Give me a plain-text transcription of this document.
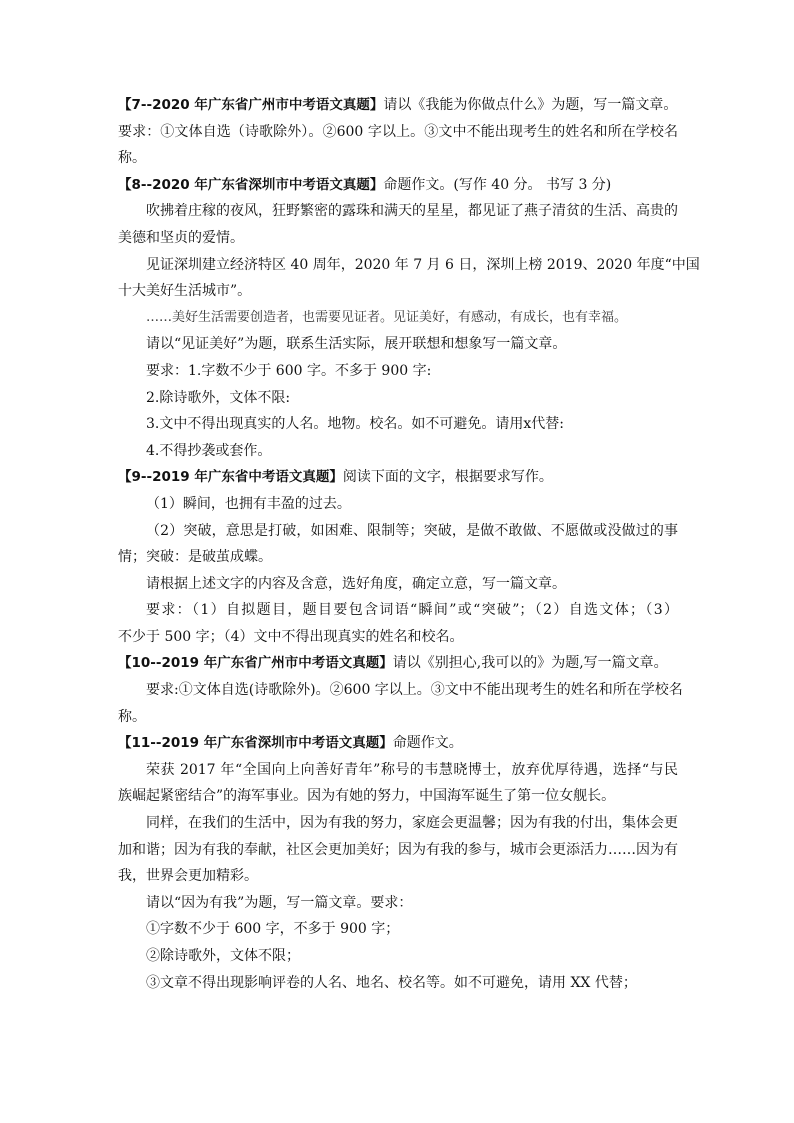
【7--2020 年广东省广州市中考语文真题】请以《我能为你做点什么》为题，写一篇文章。
要求：①文体自选（诗歌除外）。②600 字以上。③文中不能出现考生的姓名和所在学校名
称。
【8--2020 年广东省深圳市中考语文真题】命题作文。(写作 40 分。 书写 3 分)
吹拂着庄稼的夜风，狂野繁密的露珠和满天的星星，都见证了燕子清贫的生活、高贵的
美德和坚贞的爱情。
见证深圳建立经济特区 40 周年，2020 年 7 月 6 日，深圳上榜 2019、2020 年度“中国
十大美好生活城市”。
……美好生活需要创造者，也需要见证者。见证美好，有感动，有成长，也有幸福。
请以“见证美好”为题，联系生活实际，展开联想和想象写一篇文章。
要求：1.字数不少于 600 字。不多于 900 字:
2.除诗歌外，文体不限:
3.文中不得出现真实的人名。地物。校名。如不可避免。请用x代替:
4.不得抄袭或套作。
【9--2019 年广东省中考语文真题】阅读下面的文字，根据要求写作。
（1）瞬间，也拥有丰盈的过去。
（2）突破，意思是打破，如困难、限制等；突破，是做不敢做、不愿做或没做过的事
情；突破：是破茧成蝶。
请根据上述文字的内容及含意，选好角度，确定立意，写一篇文章。
要求：（1）自拟题目，题目要包含词语“瞬间”或“突破”；（2）自选文体；（3）
不少于 500 字；（4）文中不得出现真实的姓名和校名。
【10--2019 年广东省广州市中考语文真题】请以《别担心,我可以的》为题,写一篇文章。
要求:①文体自选(诗歌除外)。②600 字以上。③文中不能出现考生的姓名和所在学校名
称。
【11--2019 年广东省深圳市中考语文真题】命题作文。
荣获 2017 年“全国向上向善好青年”称号的韦慧晓博士，放弃优厚待遇，选择“与民
族崛起紧密结合”的海军事业。因为有她的努力，中国海军诞生了第一位女舰长。
同样，在我们的生活中，因为有我的努力，家庭会更温馨；因为有我的付出，集体会更
加和谐；因为有我的奉献，社区会更加美好；因为有我的参与，城市会更添活力……因为有
我，世界会更加精彩。
请以“因为有我”为题，写一篇文章。要求：
①字数不少于 600 字，不多于 900 字；
②除诗歌外，文体不限；
③文章不得出现影响评卷的人名、地名、校名等。如不可避免，请用 XX 代替；
